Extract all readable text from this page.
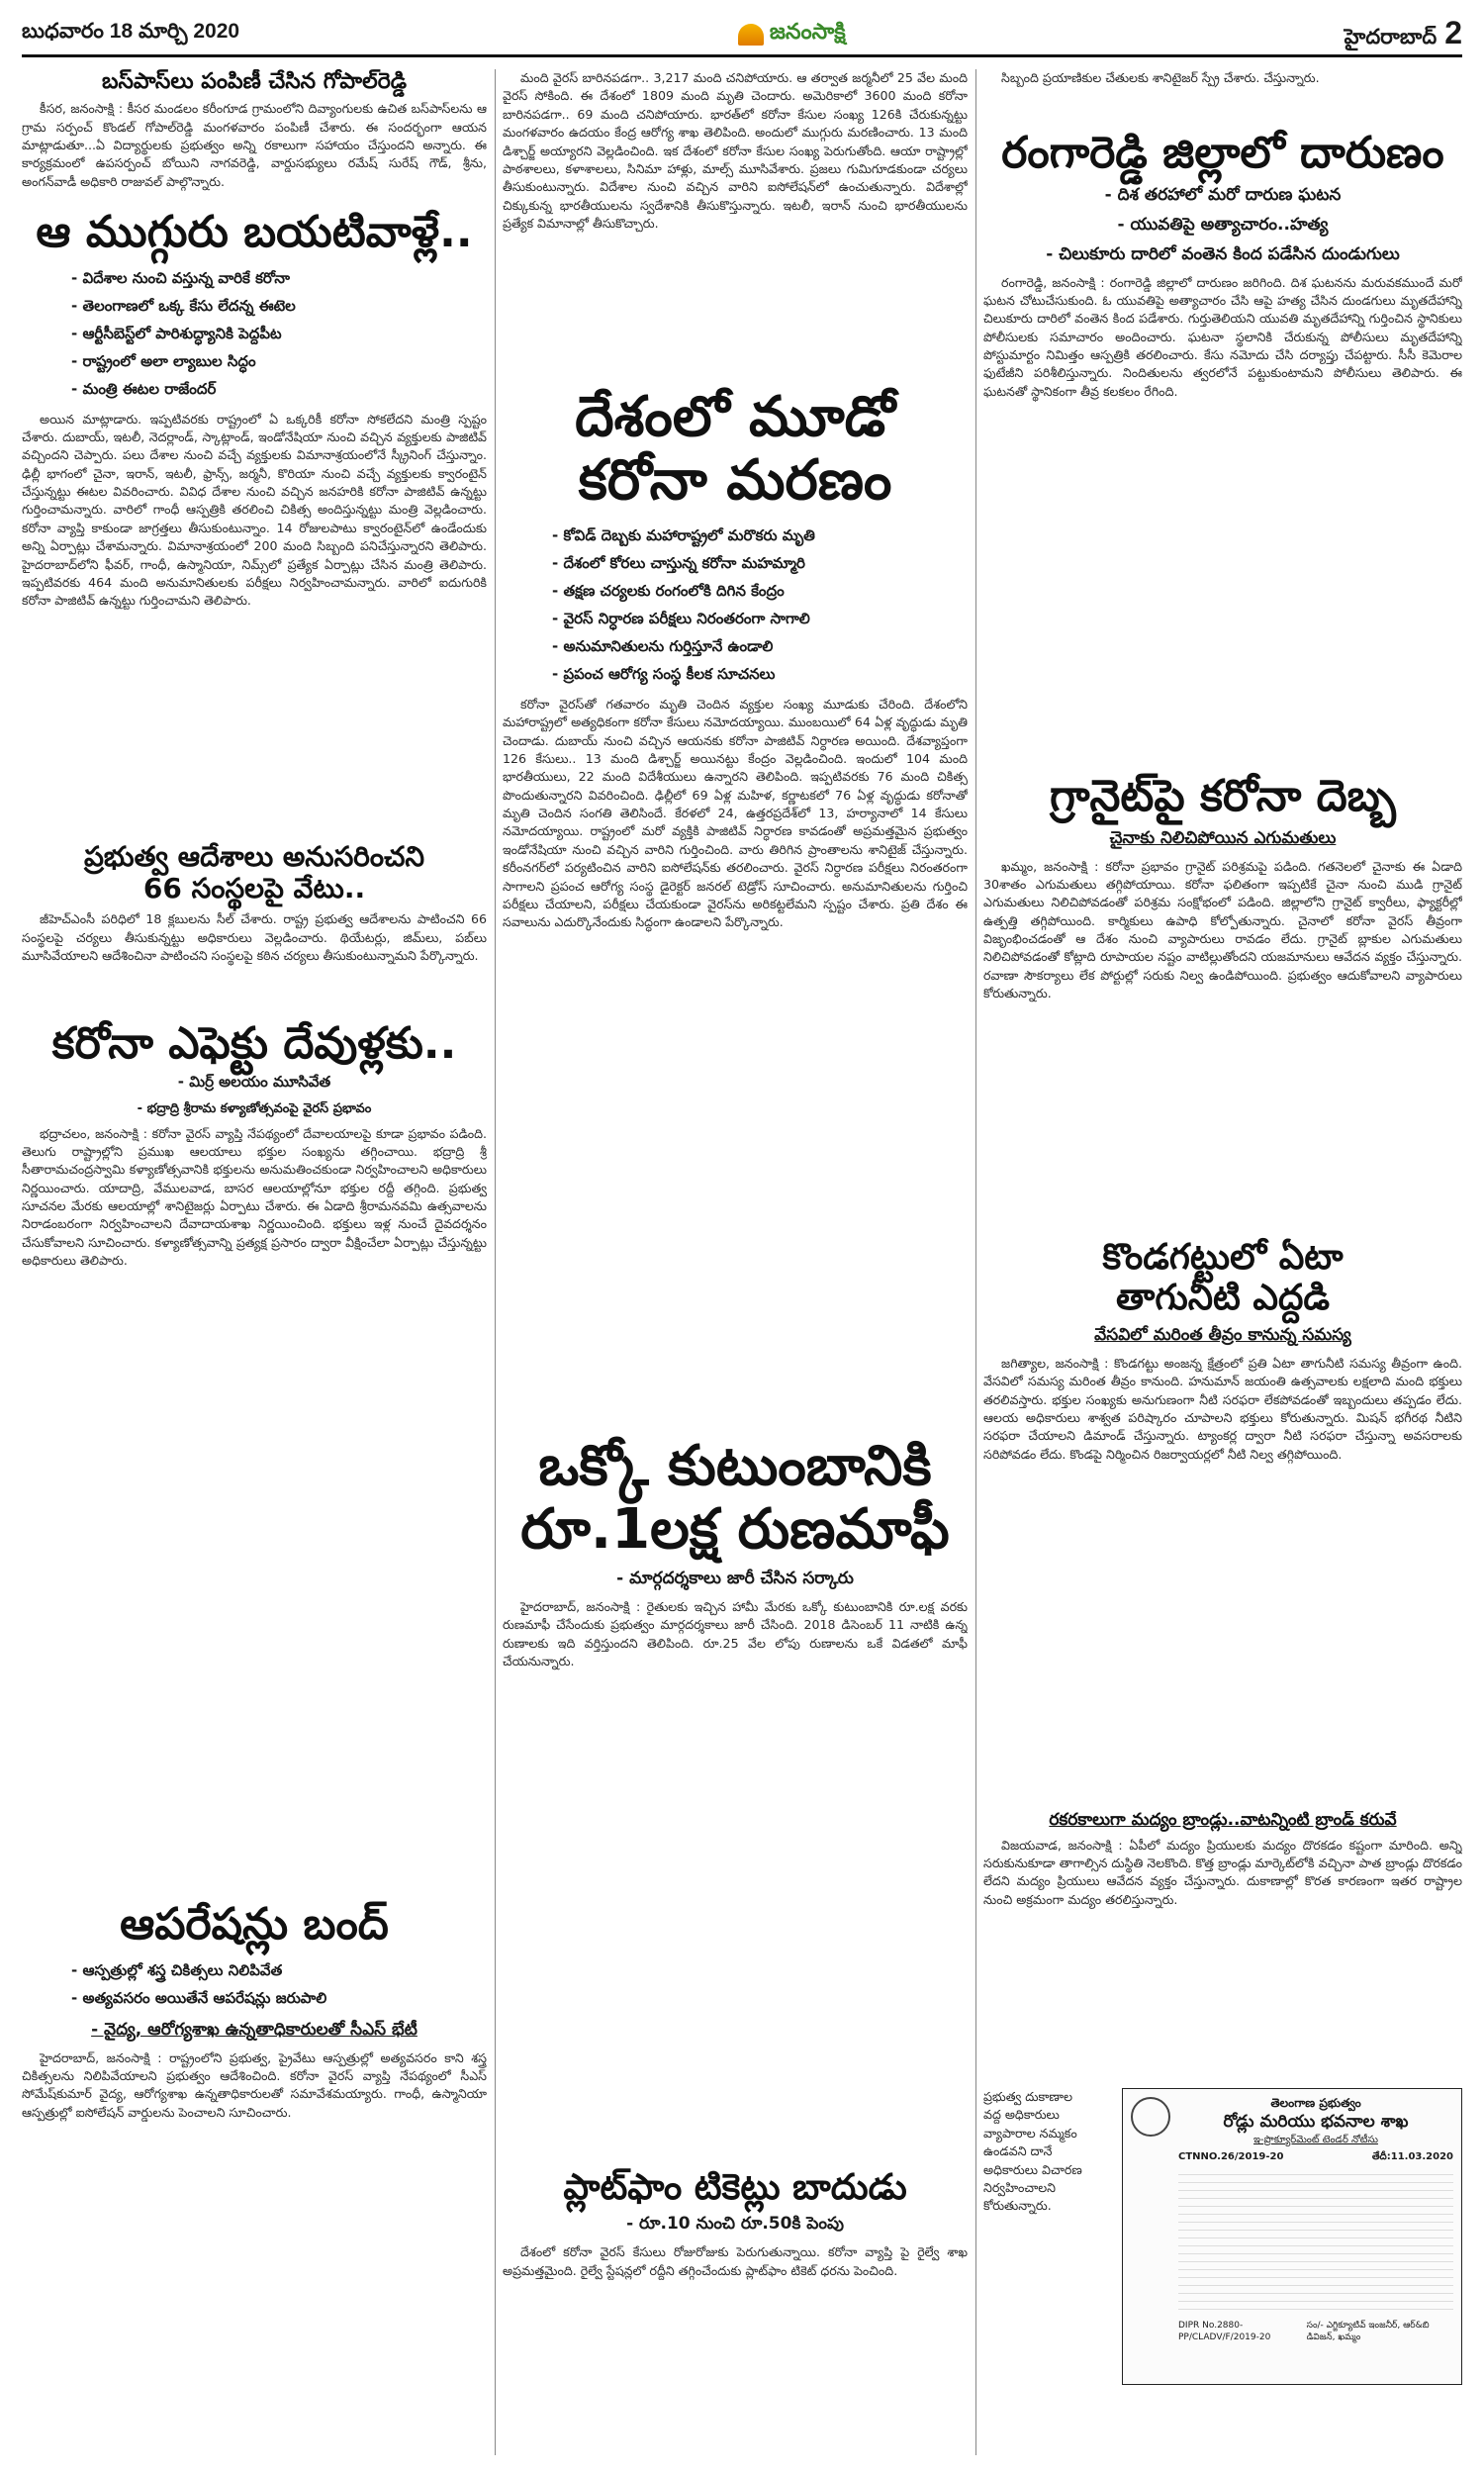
బుధవారం 18 మార్చి 2020	జనంసాక్షి	హైదరాబాద్ 2
బస్‌పాస్‌లు పంపిణీ చేసిన గోపాల్‌రెడ్డి

కీసర, జనంసాక్షి : కీసర మండలం కరీంగూడ గ్రామంలోని దివ్యాంగులకు ఉచిత బస్‌పాస్‌లను ఆ గ్రామ సర్పంచ్ కొండల్ గోపాల్‌రెడ్డి మంగళవారం పంపిణీ చేశారు. ఈ సందర్భంగా ఆయన మాట్లాడుతూ...ఏ విద్యార్థులకు ప్రభుత్వం అన్ని రకాలుగా సహాయం చేస్తుందని అన్నారు. ఈ కార్యక్రమంలో ఉపసర్పంచ్ బోయిని నాగవరెడ్డి, వార్డుసభ్యులు రమేష్ సురేష్ గౌడ్, శ్రీను, అంగన్‌వాడీ అధికారి రాజువల్ పాల్గొన్నారు.

ఆ ముగ్గురు బయటివాళ్లే..
- విదేశాల నుంచి వస్తున్న వారికే కరోనా
- తెలంగాణలో ఒక్క కేసు లేదన్న ఈటెల
- ఆర్టీసీబెస్ట్‌లో పారిశుద్ధ్యానికి పెద్దపీట
- రాష్ట్రంలో అలా ల్యాబుల సిద్ధం
- మంత్రి ఈటల రాజేందర్

అయిన మాట్లాడారు. ఇప్పటివరకు రాష్ట్రంలో ఏ ఒక్కరికీ కరోనా సోకలేదని మంత్రి స్పష్టం చేశారు. దుబాయ్, ఇటలీ, నెదర్లాండ్, స్కాట్లాండ్, ఇండోనేషియా నుంచి వచ్చిన వ్యక్తులకు పాజిటివ్ వచ్చిందని చెప్పారు. పలు దేశాల నుంచి వచ్చే వ్యక్తులకు విమానాశ్రయంలోనే స్క్రీనింగ్ చేస్తున్నాం. ఢిల్లీ భాగంలో చైనా, ఇరాన్, ఇటలీ, ఫ్రాన్స్, జర్మనీ, కొరియా నుంచి వచ్చే వ్యక్తులకు క్వారంటైన్ చేస్తున్నట్టు ఈటల వివరించారు. వివిధ దేశాల నుంచి వచ్చిన జనహరికి కరోనా పాజిటివ్ ఉన్నట్టు గుర్తించామన్నారు. వారిలో గాంధీ ఆస్పత్రికి తరలించి చికిత్స అందిస్తున్నట్టు మంత్రి వెల్లడించారు. కరోనా వ్యాప్తి కాకుండా జాగ్రత్తలు తీసుకుంటున్నాం. 14 రోజులపాటు క్వారంటైన్‌లో ఉండేందుకు అన్ని ఏర్పాట్లు చేశామన్నారు. విమానాశ్రయంలో 200 మంది సిబ్బంది పనిచేస్తున్నారని తెలిపారు. హైదరాబాద్‌లోని ఫీవర్, గాంధీ, ఉస్మానియా, నిమ్స్‌లో ప్రత్యేక ఏర్పాట్లు చేసిన మంత్రి తెలిపారు. ఇప్పటివరకు 464 మంది అనుమానితులకు పరీక్షలు నిర్వహించామన్నారు. వారిలో ఐదుగురికి కరోనా పాజిటివ్ ఉన్నట్టు గుర్తించామని తెలిపారు.

ప్రభుత్వ ఆదేశాలు అనుసరించని
66 సంస్థలపై వేటు..

జీహెచ్‌ఎంసీ పరిధిలో 18 క్లబులను సీల్ చేశారు. రాష్ట్ర ప్రభుత్వ ఆదేశాలను పాటించని 66 సంస్థలపై చర్యలు తీసుకున్నట్టు అధికారులు వెల్లడించారు. థియేటర్లు, జిమ్‌లు, పబ్‌లు మూసివేయాలని ఆదేశించినా పాటించని సంస్థలపై కఠిన చర్యలు తీసుకుంటున్నామని పేర్కొన్నారు.

కరోనా ఎఫెక్టు దేవుళ్లకు..
- మిర్ర్ అలయం మూసివేత
- భద్రాద్రి శ్రీరామ కళ్యాణోత్సవంపై వైరస్ ప్రభావం

భద్రాచలం, జనంసాక్షి : కరోనా వైరస్ వ్యాప్తి నేపథ్యంలో దేవాలయాలపై కూడా ప్రభావం పడింది. తెలుగు రాష్ట్రాల్లోని ప్రముఖ ఆలయాలు భక్తుల సంఖ్యను తగ్గించాయి. భద్రాద్రి శ్రీ సీతారామచంద్రస్వామి కళ్యాణోత్సవానికి భక్తులను అనుమతించకుండా నిర్వహించాలని అధికారులు నిర్ణయించారు. యాదాద్రి, వేములవాడ, బాసర ఆలయాల్లోనూ భక్తుల రద్దీ తగ్గింది. ప్రభుత్వ సూచనల మేరకు ఆలయాల్లో శానిటైజర్లు ఏర్పాటు చేశారు. ఈ ఏడాది శ్రీరామనవమి ఉత్సవాలను నిరాడంబరంగా నిర్వహించాలని దేవాదాయశాఖ నిర్ణయించింది. భక్తులు ఇళ్ల నుంచే దైవదర్శనం చేసుకోవాలని సూచించారు. కళ్యాణోత్సవాన్ని ప్రత్యక్ష ప్రసారం ద్వారా వీక్షించేలా ఏర్పాట్లు చేస్తున్నట్టు అధికారులు తెలిపారు.

ఆపరేషన్లు బంద్
- ఆస్పత్రుల్లో శస్త్ర చికిత్సలు నిలిపివేత
- అత్యవసరం అయితేనే ఆపరేషన్లు జరుపాలి
- వైద్య, ఆరోగ్యశాఖ ఉన్నతాధికారులతో సీఎస్ భేటీ

హైదరాబాద్, జనంసాక్షి : రాష్ట్రంలోని ప్రభుత్వ, ప్రైవేటు ఆస్పత్రుల్లో అత్యవసరం కాని శస్త్ర చికిత్సలను నిలిపివేయాలని ప్రభుత్వం ఆదేశించింది. కరోనా వైరస్ వ్యాప్తి నేపథ్యంలో సీఎస్ సోమేష్‌కుమార్ వైద్య, ఆరోగ్యశాఖ ఉన్నతాధికారులతో సమావేశమయ్యారు. గాంధీ, ఉస్మానియా ఆస్పత్రుల్లో ఐసోలేషన్ వార్డులను పెంచాలని సూచించారు.

మంది వైరస్ బారినపడగా.. 3,217 మంది చనిపోయారు. ఆ తర్వాత జర్మనీలో 25 వేల మంది వైరస్ సోకింది. ఈ దేశంలో 1809 మంది మృతి చెందారు. అమెరికాలో 3600 మంది కరోనా బారినపడగా.. 69 మంది చనిపోయారు. భారత్‌లో కరోనా కేసుల సంఖ్య 126కి చేరుకున్నట్టు మంగళవారం ఉదయం కేంద్ర ఆరోగ్య శాఖ తెలిపింది. అందులో ముగ్గురు మరణించారు. 13 మంది డిశ్చార్జ్ అయ్యారని వెల్లడించింది. ఇక దేశంలో కరోనా కేసుల సంఖ్య పెరుగుతోంది. ఆయా రాష్ట్రాల్లో పాఠశాలలు, కళాశాలలు, సినిమా హాళ్లు, మాల్స్ మూసివేశారు. ప్రజలు గుమిగూడకుండా చర్యలు తీసుకుంటున్నారు. విదేశాల నుంచి వచ్చిన వారిని ఐసోలేషన్‌లో ఉంచుతున్నారు. విదేశాల్లో చిక్కుకున్న భారతీయులను స్వదేశానికి తీసుకొస్తున్నారు. ఇటలీ, ఇరాన్ నుంచి భారతీయులను ప్రత్యేక విమానాల్లో తీసుకొచ్చారు.

దేశంలో మూడో
కరోనా మరణం
- కోవిడ్ దెబ్బకు మహారాష్ట్రలో మరొకరు మృతి
- దేశంలో కోరలు చాస్తున్న కరోనా మహమ్మారి
- తక్షణ చర్యలకు రంగంలోకి దిగిన కేంద్రం
- వైరస్ నిర్ధారణ పరీక్షలు నిరంతరంగా సాగాలి
- అనుమానితులను గుర్తిస్తూనే ఉండాలి
- ప్రపంచ ఆరోగ్య సంస్థ కీలక సూచనలు

కరోనా వైరస్‌తో గతవారం మృతి చెందిన వ్యక్తుల సంఖ్య మూడుకు చేరింది. దేశంలోని మహారాష్ట్రలో అత్యధికంగా కరోనా కేసులు నమోదయ్యాయి. ముంబయిలో 64 ఏళ్ల వృద్ధుడు మృతి చెందాడు. దుబాయ్ నుంచి వచ్చిన ఆయనకు కరోనా పాజిటివ్ నిర్ధారణ అయింది. దేశవ్యాప్తంగా 126 కేసులు.. 13 మంది డిశ్చార్జ్ అయినట్టు కేంద్రం వెల్లడించింది. ఇందులో 104 మంది భారతీయులు, 22 మంది విదేశీయులు ఉన్నారని తెలిపింది. ఇప్పటివరకు 76 మంది చికిత్స పొందుతున్నారని వివరించింది. ఢిల్లీలో 69 ఏళ్ల మహిళ, కర్ణాటకలో 76 ఏళ్ల వృద్ధుడు కరోనాతో మృతి చెందిన సంగతి తెలిసిందే. కేరళలో 24, ఉత్తరప్రదేశ్‌లో 13, హర్యానాలో 14 కేసులు నమోదయ్యాయి. రాష్ట్రంలో మరో వ్యక్తికి పాజిటివ్ నిర్ధారణ కావడంతో అప్రమత్తమైన ప్రభుత్వం ఇండోనేషియా నుంచి వచ్చిన వారిని గుర్తించింది. వారు తిరిగిన ప్రాంతాలను శానిటైజ్ చేస్తున్నారు. కరీంనగర్‌లో పర్యటించిన వారిని ఐసోలేషన్‌కు తరలించారు. వైరస్ నిర్ధారణ పరీక్షలు నిరంతరంగా సాగాలని ప్రపంచ ఆరోగ్య సంస్థ డైరెక్టర్ జనరల్ టెడ్రోస్ సూచించారు. అనుమానితులను గుర్తించి పరీక్షలు చేయాలని, పరీక్షలు చేయకుండా వైరస్‌ను అరికట్టలేమని స్పష్టం చేశారు. ప్రతి దేశం ఈ సవాలును ఎదుర్కొనేందుకు సిద్ధంగా ఉండాలని పేర్కొన్నారు.

ఒక్కో కుటుంబానికి
రూ.1లక్ష రుణమాఫీ
- మార్గదర్శకాలు జారీ చేసిన సర్కారు

హైదరాబాద్, జనంసాక్షి : రైతులకు ఇచ్చిన హామీ మేరకు ఒక్కో కుటుంబానికి రూ.లక్ష వరకు రుణమాఫీ చేసేందుకు ప్రభుత్వం మార్గదర్శకాలు జారీ చేసింది. 2018 డిసెంబర్ 11 నాటికి ఉన్న రుణాలకు ఇది వర్తిస్తుందని తెలిపింది. రూ.25 వేల లోపు రుణాలను ఒకే విడతలో మాఫీ చేయనున్నారు.

ప్లాట్‌ఫాం టికెట్లు బాదుడు
- రూ.10 నుంచి రూ.50కి పెంపు

దేశంలో కరోనా వైరస్ కేసులు రోజురోజుకు పెరుగుతున్నాయి. కరోనా వ్యాప్తి పై రైల్వే శాఖ అప్రమత్తమైంది. రైల్వే స్టేషన్లలో రద్దీని తగ్గించేందుకు ప్లాట్‌ఫాం టికెట్ ధరను పెంచింది.

సిబ్బంది ప్రయాణికుల చేతులకు శానిటైజర్ స్ప్రే చేశారు. చేస్తున్నారు.

రంగారెడ్డి జిల్లాలో దారుణం
- దిశ తరహాలో మరో దారుణ ఘటన
- యువతిపై అత్యాచారం..హత్య
- చిలుకూరు దారిలో వంతెన కింద పడేసిన దుండుగులు

రంగారెడ్డి, జనంసాక్షి : రంగారెడ్డి జిల్లాలో దారుణం జరిగింది. దిశ ఘటనను మరువకముందే మరో ఘటన చోటుచేసుకుంది. ఓ యువతిపై అత్యాచారం చేసి ఆపై హత్య చేసిన దుండగులు మృతదేహాన్ని చిలుకూరు దారిలో వంతెన కింద పడేశారు. గుర్తుతెలియని యువతి మృతదేహాన్ని గుర్తించిన స్థానికులు పోలీసులకు సమాచారం అందించారు. ఘటనా స్థలానికి చేరుకున్న పోలీసులు మృతదేహాన్ని పోస్టుమార్టం నిమిత్తం ఆస్పత్రికి తరలించారు. కేసు నమోదు చేసి దర్యాప్తు చేపట్టారు. సీసీ కెమెరాల ఫుటేజీని పరిశీలిస్తున్నారు. నిందితులను త్వరలోనే పట్టుకుంటామని పోలీసులు తెలిపారు. ఈ ఘటనతో స్థానికంగా తీవ్ర కలకలం రేగింది.

గ్రానైట్‌పై కరోనా దెబ్బ
చైనాకు నిలిచిపోయిన ఎగుమతులు

ఖమ్మం, జనంసాక్షి : కరోనా ప్రభావం గ్రానైట్ పరిశ్రమపై పడింది. గతనెలలో చైనాకు ఈ ఏడాది 30శాతం ఎగుమతులు తగ్గిపోయాయి. కరోనా ఫలితంగా ఇప్పటికే చైనా నుంచి ముడి గ్రానైట్ ఎగుమతులు నిలిచిపోవడంతో పరిశ్రమ సంక్షోభంలో పడింది. జిల్లాలోని గ్రానైట్ క్వారీలు, ఫ్యాక్టరీల్లో ఉత్పత్తి తగ్గిపోయింది. కార్మికులు ఉపాధి కోల్పోతున్నారు. చైనాలో కరోనా వైరస్ తీవ్రంగా విజృంభించడంతో ఆ దేశం నుంచి వ్యాపారులు రావడం లేదు. గ్రానైట్ బ్లాకుల ఎగుమతులు నిలిచిపోవడంతో కోట్లాది రూపాయల నష్టం వాటిల్లుతోందని యజమానులు ఆవేదన వ్యక్తం చేస్తున్నారు. రవాణా సౌకర్యాలు లేక పోర్టుల్లో సరుకు నిల్వ ఉండిపోయింది. ప్రభుత్వం ఆదుకోవాలని వ్యాపారులు కోరుతున్నారు.

కొండగట్టులో ఏటా
తాగునీటి ఎద్దడి
వేసవిలో మరింత తీవ్రం కానున్న సమస్య

జగిత్యాల, జనంసాక్షి : కొండగట్టు అంజన్న క్షేత్రంలో ప్రతి ఏటా తాగునీటి సమస్య తీవ్రంగా ఉంది. వేసవిలో సమస్య మరింత తీవ్రం కానుంది. హనుమాన్ జయంతి ఉత్సవాలకు లక్షలాది మంది భక్తులు తరలివస్తారు. భక్తుల సంఖ్యకు అనుగుణంగా నీటి సరఫరా లేకపోవడంతో ఇబ్బందులు తప్పడం లేదు. ఆలయ అధికారులు శాశ్వత పరిష్కారం చూపాలని భక్తులు కోరుతున్నారు. మిషన్ భగీరథ నీటిని సరఫరా చేయాలని డిమాండ్ చేస్తున్నారు. ట్యాంకర్ల ద్వారా నీటి సరఫరా చేస్తున్నా అవసరాలకు సరిపోవడం లేదు. కొండపై నిర్మించిన రిజర్వాయర్లలో నీటి నిల్వ తగ్గిపోయింది.

రకరకాలుగా మద్యం బ్రాండ్లు..వాటన్నింటి బ్రాండ్ కరువే

విజయవాడ, జనంసాక్షి : ఏపీలో మద్యం ప్రియులకు మద్యం దొరకడం కష్టంగా మారింది. అన్ని సరుకునుకూడా తాగాల్సిన దుస్థితి నెలకొంది. కొత్త బ్రాండ్లు మార్కెట్‌లోకి వచ్చినా పాత బ్రాండ్లు దొరకడం లేదని మద్యం ప్రియులు ఆవేదన వ్యక్తం చేస్తున్నారు. దుకాణాల్లో కొరత కారణంగా ఇతర రాష్ట్రాల నుంచి అక్రమంగా మద్యం తరలిస్తున్నారు.

ప్రభుత్వ దుకాణాల వద్ద అధికారులు వ్యాపారాల నమ్మకం ఉండవని దానే అధికారులు విచారణ నిర్వహించాలని కోరుతున్నారు.
తెలంగాణ ప్రభుత్వం
రోడ్లు మరియు భవనాల శాఖ
ఇ-ప్రొక్యూర్‌మెంట్ టెండర్ నోటీసు
CTNNO.26/2019-20	తేదీ:11.03.2020
DIPR No.2880-PP/CLADV/F/2019-20
సం/- ఎగ్జిక్యూటివ్ ఇంజనీర్, ఆర్&బి డివిజన్, ఖమ్మం
